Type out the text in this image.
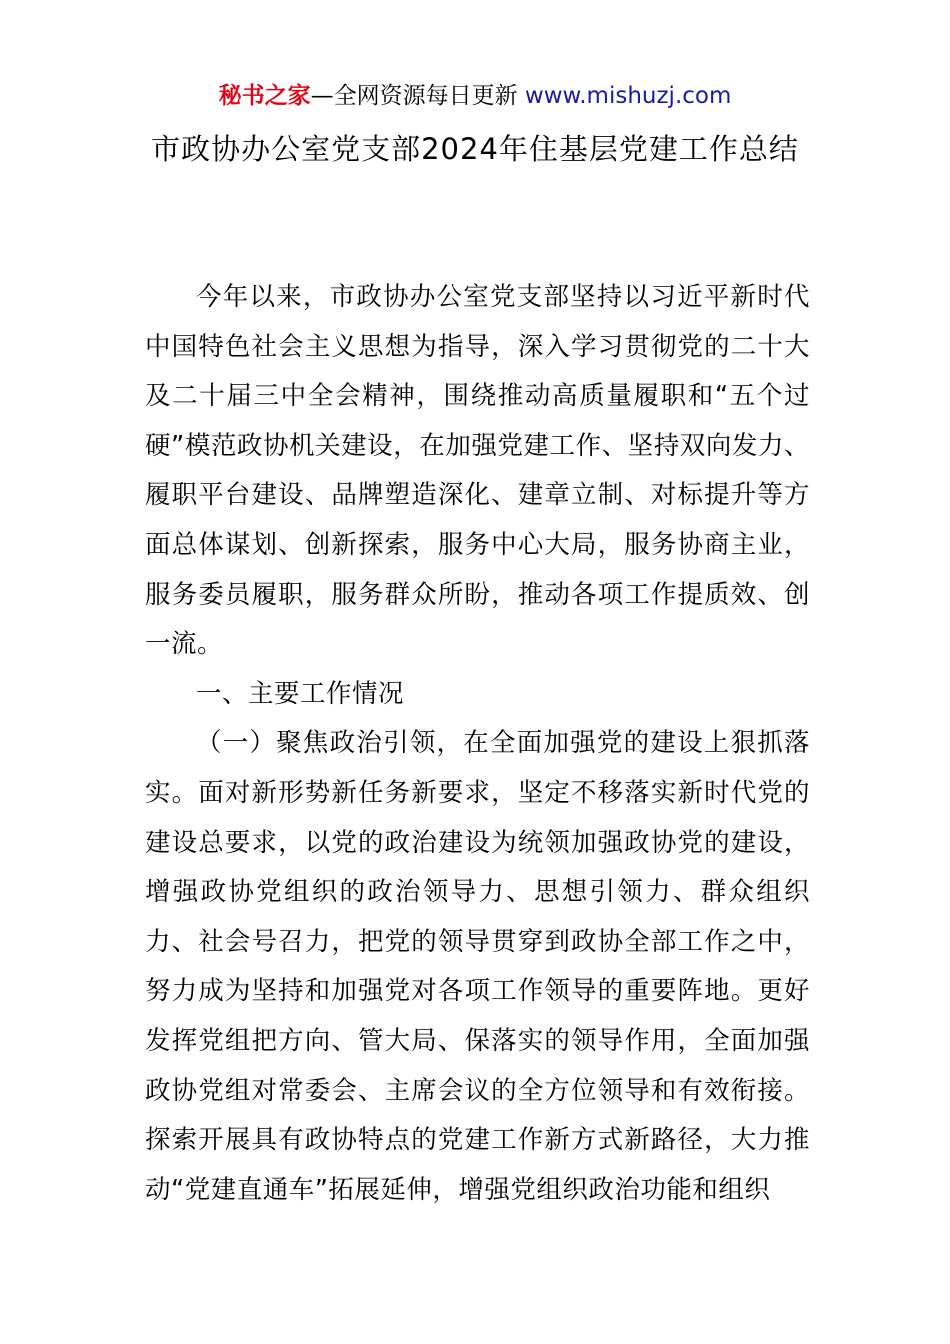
秘书之家—全网资源每日更新 www.mishuzj.com
市政协办公室党支部2024年住基层党建工作总结

今年以来，市政协办公室党支部坚持以习近平新时代中国特色社会主义思想为指导，深入学习贯彻党的二十大及二十届三中全会精神，围绕推动高质量履职和“五个过硬”模范政协机关建设，在加强党建工作、坚持双向发力、履职平台建设、品牌塑造深化、建章立制、对标提升等方面总体谋划、创新探索，服务中心大局，服务协商主业，服务委员履职，服务群众所盼，推动各项工作提质效、创一流。

一、主要工作情况

（一）聚焦政治引领，在全面加强党的建设上狠抓落实。面对新形势新任务新要求，坚定不移落实新时代党的建设总要求，以党的政治建设为统领加强政协党的建设，增强政协党组织的政治领导力、思想引领力、群众组织力、社会号召力，把党的领导贯穿到政协全部工作之中，努力成为坚持和加强党对各项工作领导的重要阵地。更好发挥党组把方向、管大局、保落实的领导作用，全面加强政协党组对常委会、主席会议的全方位领导和有效衔接。探索开展具有政协特点的党建工作新方式新路径，大力推动“党建直通车”拓展延伸，增强党组织政治功能和组织
